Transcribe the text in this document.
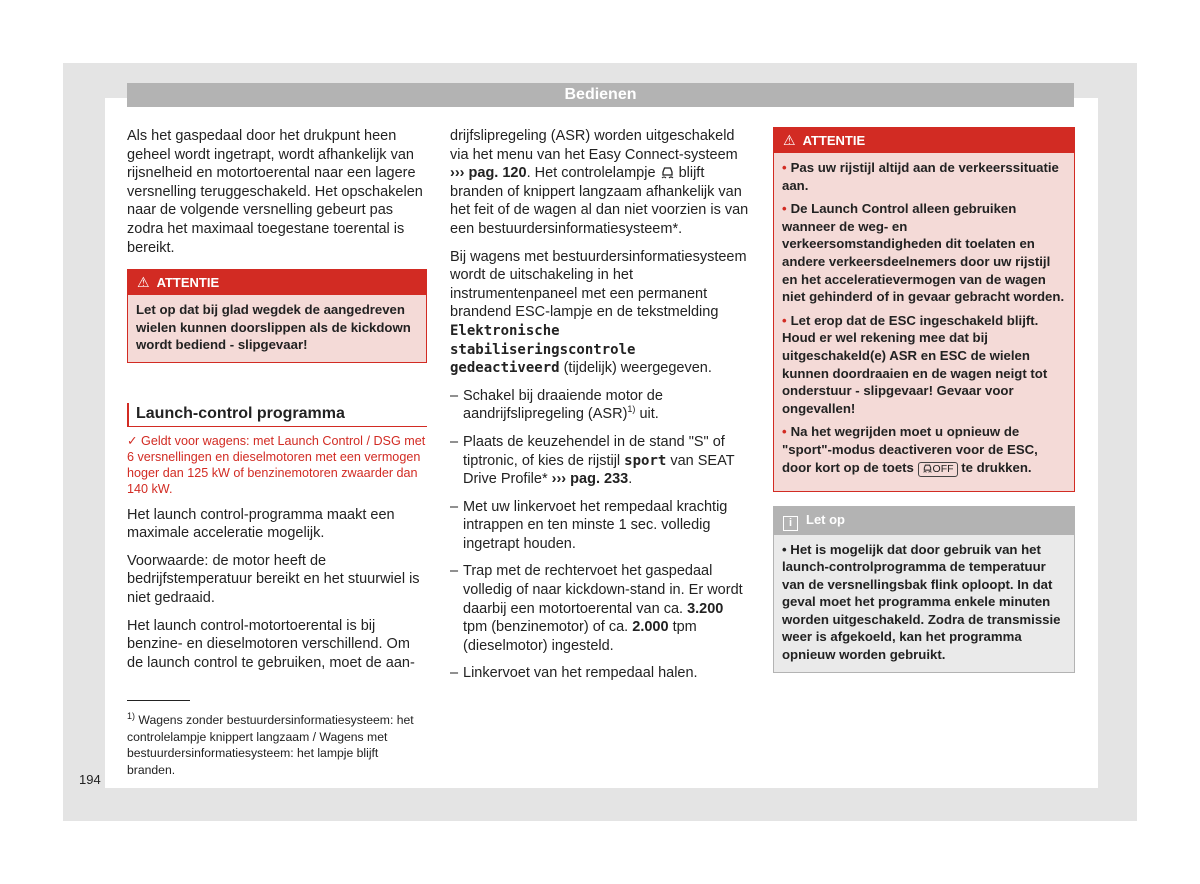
Bedienen

Als het gaspedaal door het drukpunt heen geheel wordt ingetrapt, wordt afhankelijk van rijsnelheid en motortoerental naar een lagere versnelling teruggeschakeld. Het opschakelen naar de volgende versnelling gebeurt pas zodra het maximaal toegestane toerental is bereikt.

⚠ ATTENTIE
Let op dat bij glad wegdek de aangedreven wielen kunnen doorslippen als de kickdown wordt bediend - slipgevaar!
Launch-control programma

✓ Geldt voor wagens: met Launch Control / DSG met 6 versnellingen en dieselmotoren met een vermogen hoger dan 125 kW of benzinemotoren zwaarder dan 140 kW.

Het launch control-programma maakt een maximale acceleratie mogelijk.

Voorwaarde: de motor heeft de bedrijfstemperatuur bereikt en het stuurwiel is niet gedraaid.

Het launch control-motortoerental is bij benzine- en dieselmotoren verschillend. Om de launch control te gebruiken, moet de aan-

$^{1)}$ Wagens zonder bestuurdersinformatiesysteem: het controlelampje knippert langzaam / Wagens met bestuurdersinformatiesysteem: het lampje blijft branden.

drijfslipregeling (ASR) worden uitgeschakeld via het menu van het Easy Connect-systeem ››› pag. 120. Het controlelampje blijft branden of knippert langzaam afhankelijk van het feit of de wagen al dan niet voorzien is van een bestuurdersinformatiesysteem*.

Bij wagens met bestuurdersinformatiesysteem wordt de uitschakeling in het instrumentenpaneel met een permanent brandend ESC-lampje en de tekstmelding Elektronische stabiliseringscontrole gedeactiveerd (tijdelijk) weergegeven.

– Schakel bij draaiende motor de aandrijfslipregeling (ASR)$^{1)}$ uit.
– Plaats de keuzehendel in de stand "S" of tiptronic, of kies de rijstijl sport van SEAT Drive Profile* ››› pag. 233.
– Met uw linkervoet het rempedaal krachtig intrappen en ten minste 1 sec. volledig ingetrapt houden.
– Trap met de rechtervoet het gaspedaal volledig of naar kickdown-stand in. Er wordt daarbij een motortoerental van ca. 3.200 tpm (benzinemotor) of ca. 2.000 tpm (dieselmotor) ingesteld.
– Linkervoet van het rempedaal halen.
⚠ ATTENTIE
• Pas uw rijstijl altijd aan de verkeerssituatie aan.
• De Launch Control alleen gebruiken wanneer de weg- en verkeersomstandigheden dit toelaten en andere verkeersdeelnemers door uw rijstijl en het acceleratievermogen van de wagen niet gehinderd of in gevaar gebracht worden.
• Let erop dat de ESC ingeschakeld blijft. Houd er wel rekening mee dat bij uitgeschakeld(e) ASR en ESC de wielen kunnen doordraaien en de wagen neigt tot onderstuur - slipgevaar! Gevaar voor ongevallen!
• Na het wegrijden moet u opnieuw de "sport"-modus deactiveren voor de ESC, door kort op de toets OFF te drukken.
i Let op
• Het is mogelijk dat door gebruik van het launch-controlprogramma de temperatuur van de versnellingsbak flink oploopt. In dat geval moet het programma enkele minuten worden uitgeschakeld. Zodra de transmissie weer is afgekoeld, kan het programma opnieuw worden gebruikt.
194
